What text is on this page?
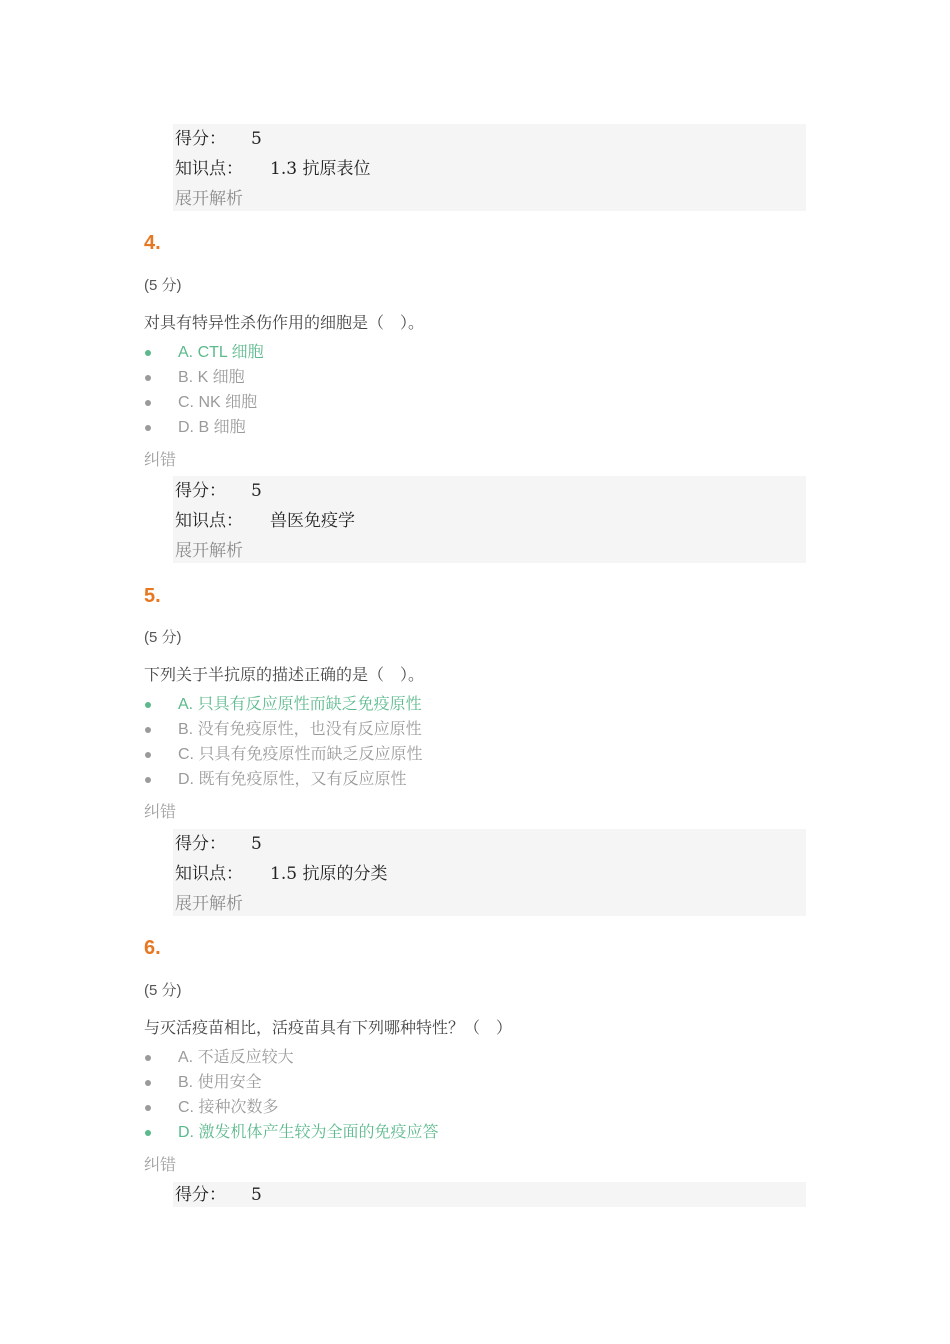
得分： 5
知识点： 1.3 抗原表位
展开解析
4.
(5 分)
对具有特异性杀伤作用的细胞是（　）。
A. CTL 细胞
B. K 细胞
C. NK 细胞
D. B 细胞
纠错
得分： 5
知识点： 兽医免疫学
展开解析
5.
(5 分)
下列关于半抗原的描述正确的是（　）。
A. 只具有反应原性而缺乏免疫原性
B. 没有免疫原性，也没有反应原性
C. 只具有免疫原性而缺乏反应原性
D. 既有免疫原性，又有反应原性
纠错
得分： 5
知识点： 1.5 抗原的分类
展开解析
6.
(5 分)
与灭活疫苗相比，活疫苗具有下列哪种特性？（　）
A. 不适反应较大
B. 使用安全
C. 接种次数多
D. 激发机体产生较为全面的免疫应答
纠错
得分： 5
